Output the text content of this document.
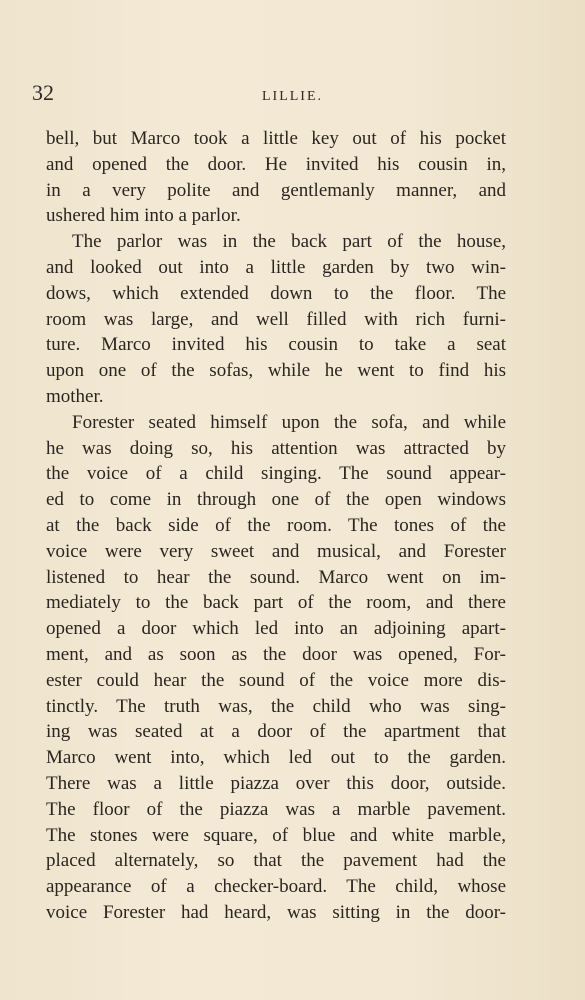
32	LILLIE.
bell, but Marco took a little key out of his pocket
and opened the door. He invited his cousin in,
in a very polite and gentlemanly manner, and
ushered him into a parlor.
The parlor was in the back part of the house,
and looked out into a little garden by two win-
dows, which extended down to the floor. The
room was large, and well filled with rich furni-
ture. Marco invited his cousin to take a seat
upon one of the sofas, while he went to find his
mother.
Forester seated himself upon the sofa, and while
he was doing so, his attention was attracted by
the voice of a child singing. The sound appear-
ed to come in through one of the open windows
at the back side of the room. The tones of the
voice were very sweet and musical, and Forester
listened to hear the sound. Marco went on im-
mediately to the back part of the room, and there
opened a door which led into an adjoining apart-
ment, and as soon as the door was opened, For-
ester could hear the sound of the voice more dis-
tinctly. The truth was, the child who was sing-
ing was seated at a door of the apartment that
Marco went into, which led out to the garden.
There was a little piazza over this door, outside.
The floor of the piazza was a marble pavement.
The stones were square, of blue and white marble,
placed alternately, so that the pavement had the
appearance of a checker-board. The child, whose
voice Forester had heard, was sitting in the door-
